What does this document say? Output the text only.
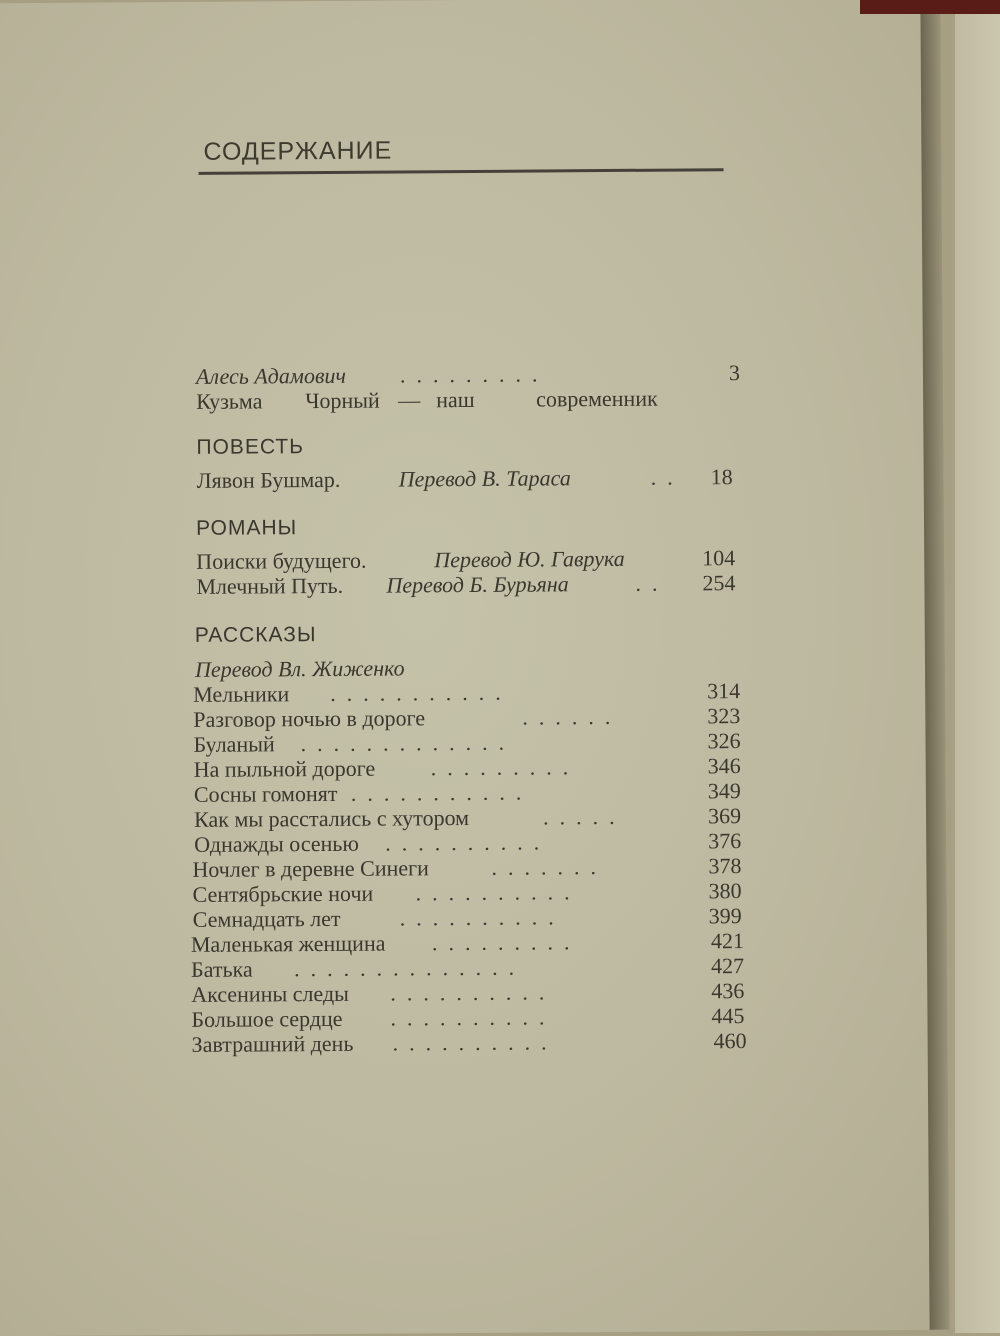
СОДЕРЖАНИЕ
Алесь Адамович .........	3
Кузьма Чорный — наш	современник
ПОВЕСТЬ
Лявон Бушмар.	Перевод В. Тараса	..	18
РОМАНЫ
Поиски будущего.	Перевод Ю. Гаврука	104
Млечный Путь. Перевод Б. Бурьяна	..	254
РАССКАЗЫ
Перевод Вл. Жиженко
Мельники ...........	314
Разговор ночью в дороге	......	323
Буланый .............	326
На пыльной дороге	.........	346
Сосны гомонят ...........	349
Как мы расстались с хутором	.....	369
Однажды осенью ..........	376
Ночлег в деревне Синеги	.......	378
Сентябрьские ночи ..........	380
Семнадцать лет	..........	399
Маленькая женщина .........	421
Батька ..............	427
Аксенины следы ..........	436
Большое сердце ..........	445
Завтрашний день ..........	460
